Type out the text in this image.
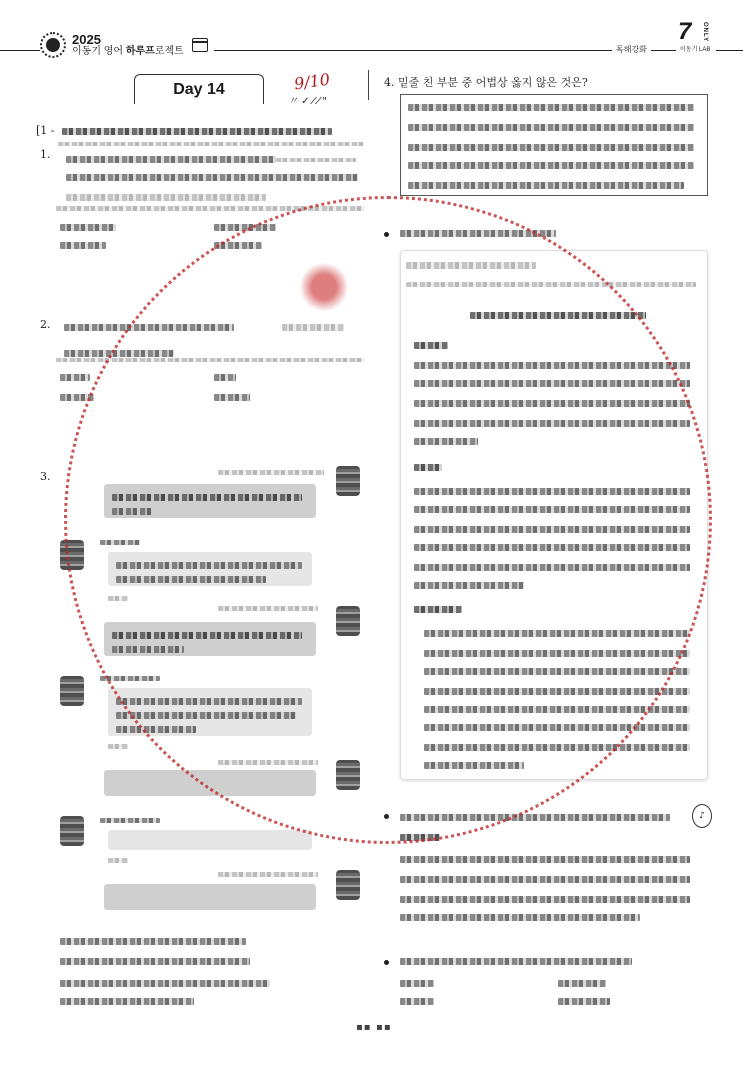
2025
이동기 영어 하루프로젝트	독해강화
7 ONLY
이동기 LAB
Day 14	9/10
〃 ✓ ⁄ ⁄ "
[1 -
1.
2.
3.
4. 밑줄 친 부분 중 어법상 옳지 않은 것은?
♪
▪▪ ▪▪
